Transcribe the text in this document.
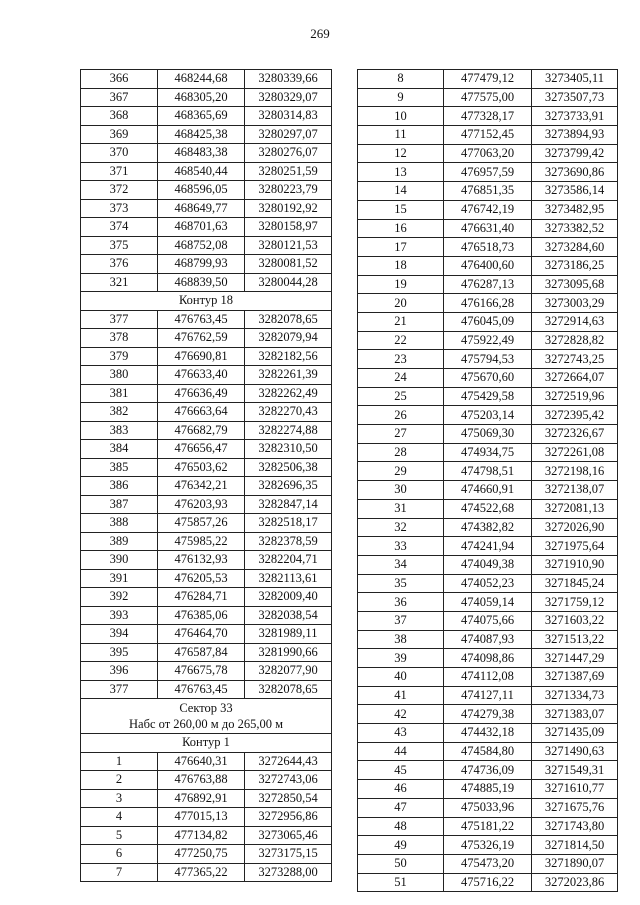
269
366	468244,68	3280339,66
367	468305,20	3280329,07
368	468365,69	3280314,83
369	468425,38	3280297,07
370	468483,38	3280276,07
371	468540,44	3280251,59
372	468596,05	3280223,79
373	468649,77	3280192,92
374	468701,63	3280158,97
375	468752,08	3280121,53
376	468799,93	3280081,52
321	468839,50	3280044,28
Контур 18		
377	476763,45	3282078,65
378	476762,59	3282079,94
379	476690,81	3282182,56
380	476633,40	3282261,39
381	476636,49	3282262,49
382	476663,64	3282270,43
383	476682,79	3282274,88
384	476656,47	3282310,50
385	476503,62	3282506,38
386	476342,21	3282696,35
387	476203,93	3282847,14
388	475857,26	3282518,17
389	475985,22	3282378,59
390	476132,93	3282204,71
391	476205,53	3282113,61
392	476284,71	3282009,40
393	476385,06	3282038,54
394	476464,70	3281989,11
395	476587,84	3281990,66
396	476675,78	3282077,90
377	476763,45	3282078,65
Сектор 33
Набс от 260,00 м до 265,00 м		
Контур 1		
1	476640,31	3272644,43
2	476763,88	3272743,06
3	476892,91	3272850,54
4	477015,13	3272956,86
5	477134,82	3273065,46
6	477250,75	3273175,15
7	477365,22	3273288,00
8	477479,12	3273405,11
9	477575,00	3273507,73
10	477328,17	3273733,91
11	477152,45	3273894,93
12	477063,20	3273799,42
13	476957,59	3273690,86
14	476851,35	3273586,14
15	476742,19	3273482,95
16	476631,40	3273382,52
17	476518,73	3273284,60
18	476400,60	3273186,25
19	476287,13	3273095,68
20	476166,28	3273003,29
21	476045,09	3272914,63
22	475922,49	3272828,82
23	475794,53	3272743,25
24	475670,60	3272664,07
25	475429,58	3272519,96
26	475203,14	3272395,42
27	475069,30	3272326,67
28	474934,75	3272261,08
29	474798,51	3272198,16
30	474660,91	3272138,07
31	474522,68	3272081,13
32	474382,82	3272026,90
33	474241,94	3271975,64
34	474049,38	3271910,90
35	474052,23	3271845,24
36	474059,14	3271759,12
37	474075,66	3271603,22
38	474087,93	3271513,22
39	474098,86	3271447,29
40	474112,08	3271387,69
41	474127,11	3271334,73
42	474279,38	3271383,07
43	474432,18	3271435,09
44	474584,80	3271490,63
45	474736,09	3271549,31
46	474885,19	3271610,77
47	475033,96	3271675,76
48	475181,22	3271743,80
49	475326,19	3271814,50
50	475473,20	3271890,07
51	475716,22	3272023,86
